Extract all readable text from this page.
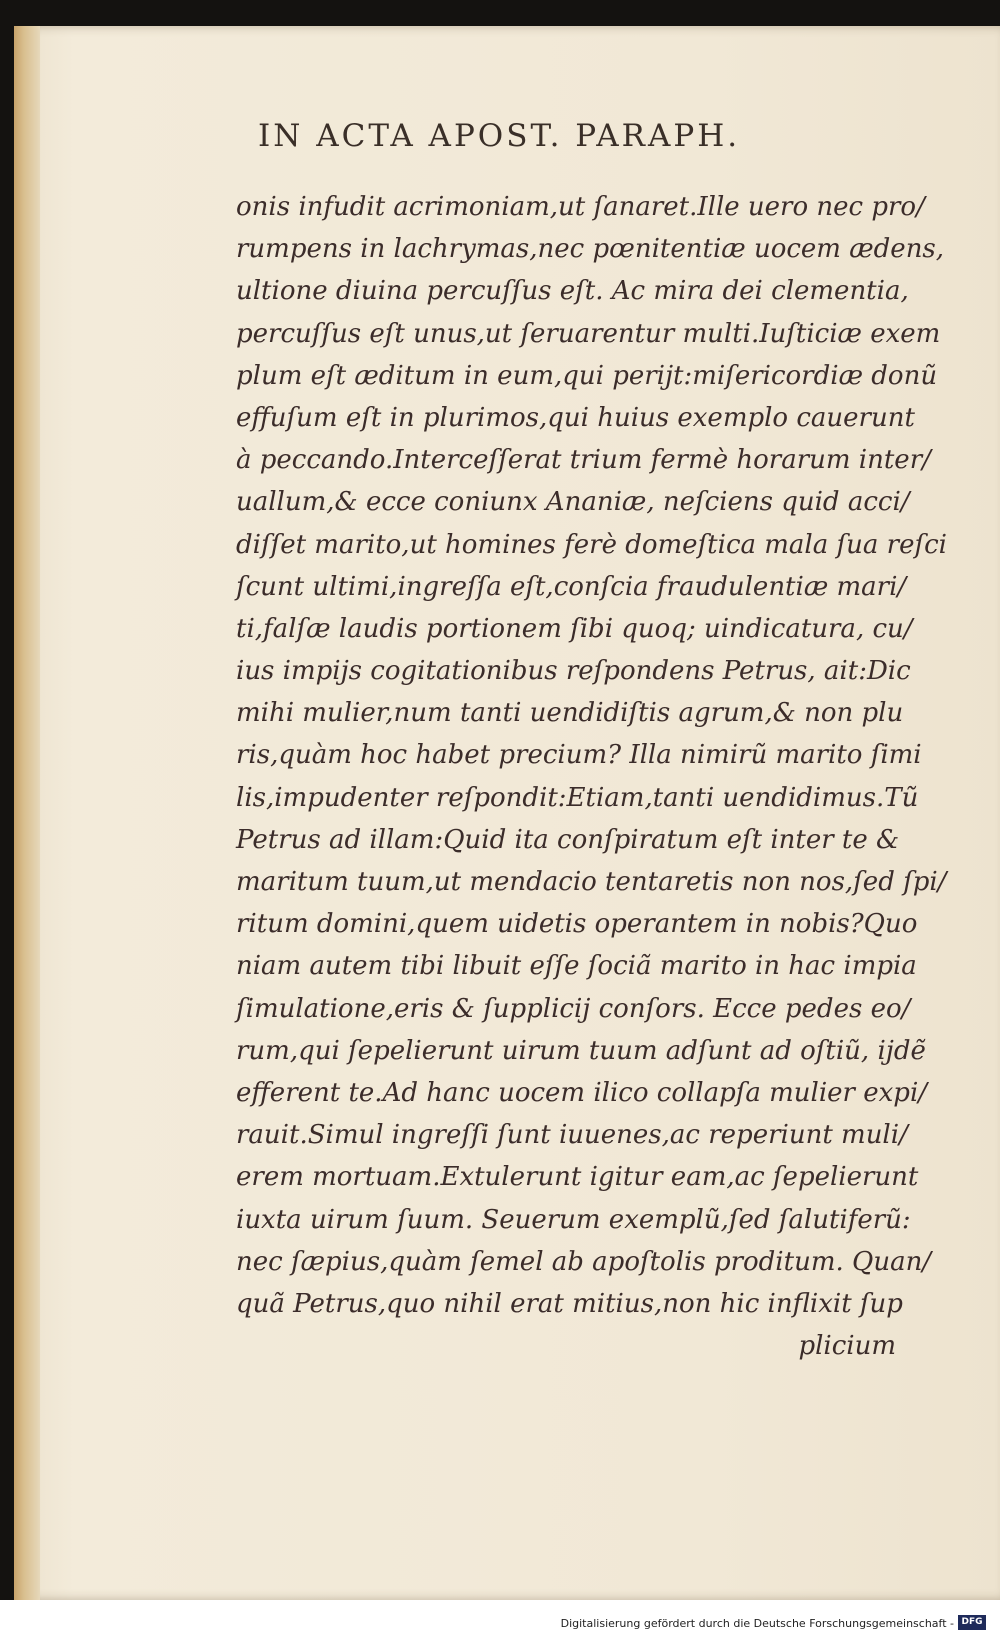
IN ACTA APOST. PARAPH.
onis infudit acrimoniam,ut ſanaret.Ille uero nec pro/
rumpens in lachrymas,nec pœnitentiæ uocem ædens,
ultione diuina percuſſus eſt. Ac mira dei clementia,
percuſſus eſt unus,ut ſeruarentur multi.Iuſticiæ exem
plum eſt æditum in eum,qui perijt:miſericordiæ donũ
effuſum eſt in plurimos,qui huius exemplo cauerunt
à peccando.Interceſſerat trium fermè horarum inter/
uallum,& ecce coniunx Ananiæ, neſciens quid acci/
diſſet marito,ut homines ferè domeſtica mala ſua reſci
ſcunt ultimi,ingreſſa eſt,conſcia fraudulentiæ mari/
ti,falſæ laudis portionem ſibi quoq; uindicatura, cu/
ius impijs cogitationibus reſpondens Petrus, ait:Dic
mihi mulier,num tanti uendidiſtis agrum,& non plu
ris,quàm hoc habet precium? Illa nimirũ marito ſimi
lis,impudenter reſpondit:Etiam,tanti uendidimus.Tũ
Petrus ad illam:Quid ita conſpiratum eſt inter te &
maritum tuum,ut mendacio tentaretis non nos,ſed ſpi/
ritum domini,quem uidetis operantem in nobis?Quo
niam autem tibi libuit eſſe ſociã marito in hac impia
ſimulatione,eris & ſupplicij conſors. Ecce pedes eo/
rum,qui ſepelierunt uirum tuum adſunt ad oſtiũ, ijdẽ
efferent te.Ad hanc uocem ilico collapſa mulier expi/
rauit.Simul ingreſſi ſunt iuuenes,ac reperiunt muli/
erem mortuam.Extulerunt igitur eam,ac ſepelierunt
iuxta uirum ſuum. Seuerum exemplũ,ſed ſalutiferũ:
nec ſæpius,quàm ſemel ab apoſtolis proditum. Quan/
quã Petrus,quo nihil erat mitius,non hic inflixit ſup
plicium
Digitalisierung gefördert durch die Deutsche Forschungsgemeinschaft - DFG
